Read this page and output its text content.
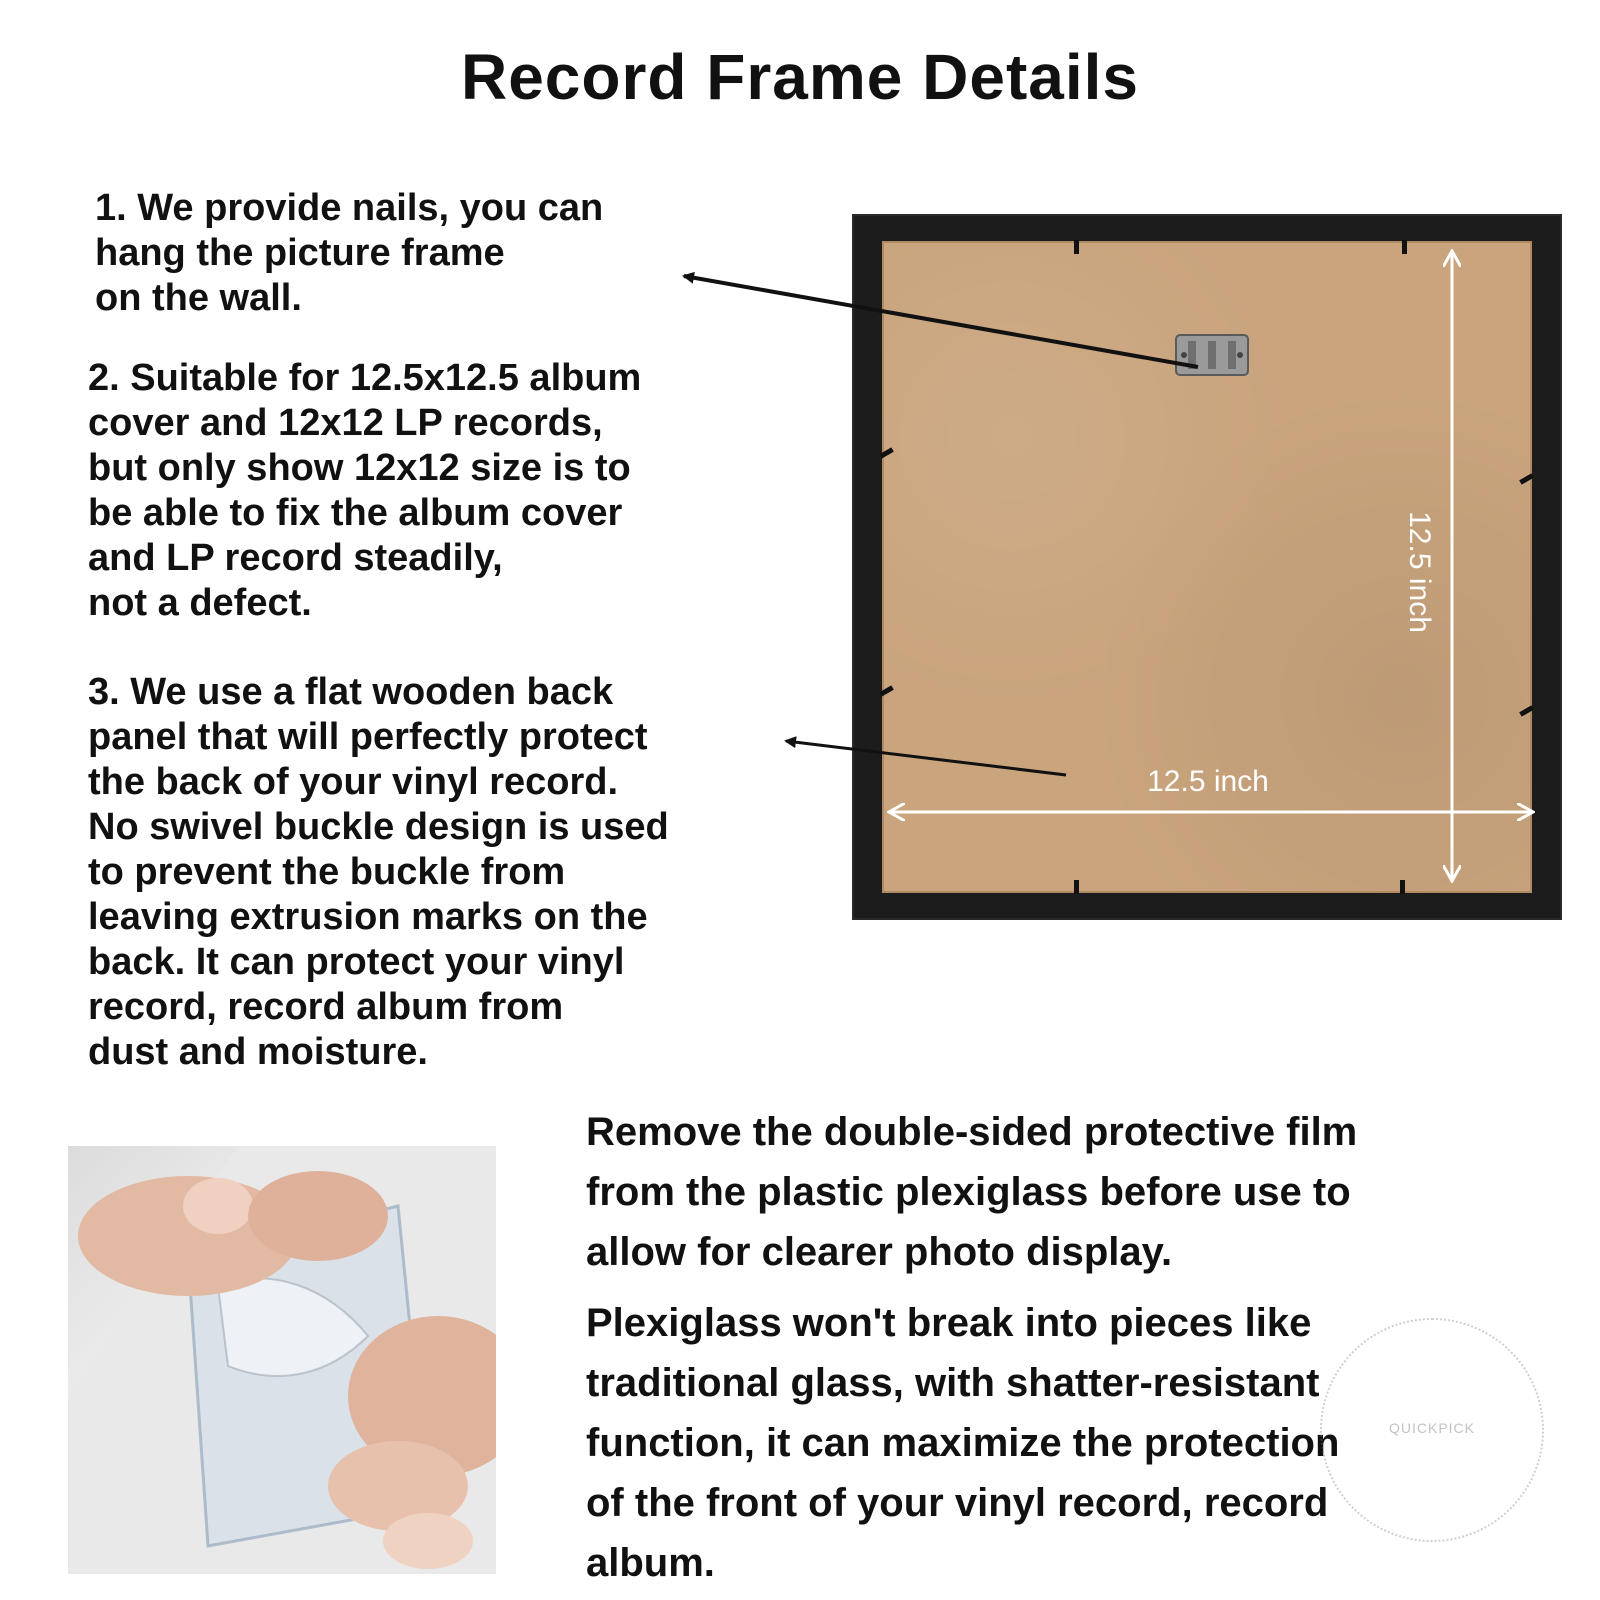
Record Frame Details

1. We provide nails, you can
hang the picture frame
on the wall.

2. Suitable for 12.5x12.5 album
cover and 12x12 LP records,
but only show 12x12 size is to
be able to fix the album cover
and LP record steadily,
not a defect.

3. We use a flat wooden back
panel that will perfectly protect
the back of your vinyl record.
No swivel buckle design is used
to prevent the buckle from
leaving extrusion marks on the
back. It can protect your vinyl
record, record album from
dust and moisture.

12.5 inch
12.5 inch

Remove the double-sided protective film
from the plastic plexiglass before use to
allow for clearer photo display.

Plexiglass won't break into pieces like
traditional glass, with shatter-resistant
function, it can maximize the protection
of the front of your vinyl record, record
album.

QUICKPICK
